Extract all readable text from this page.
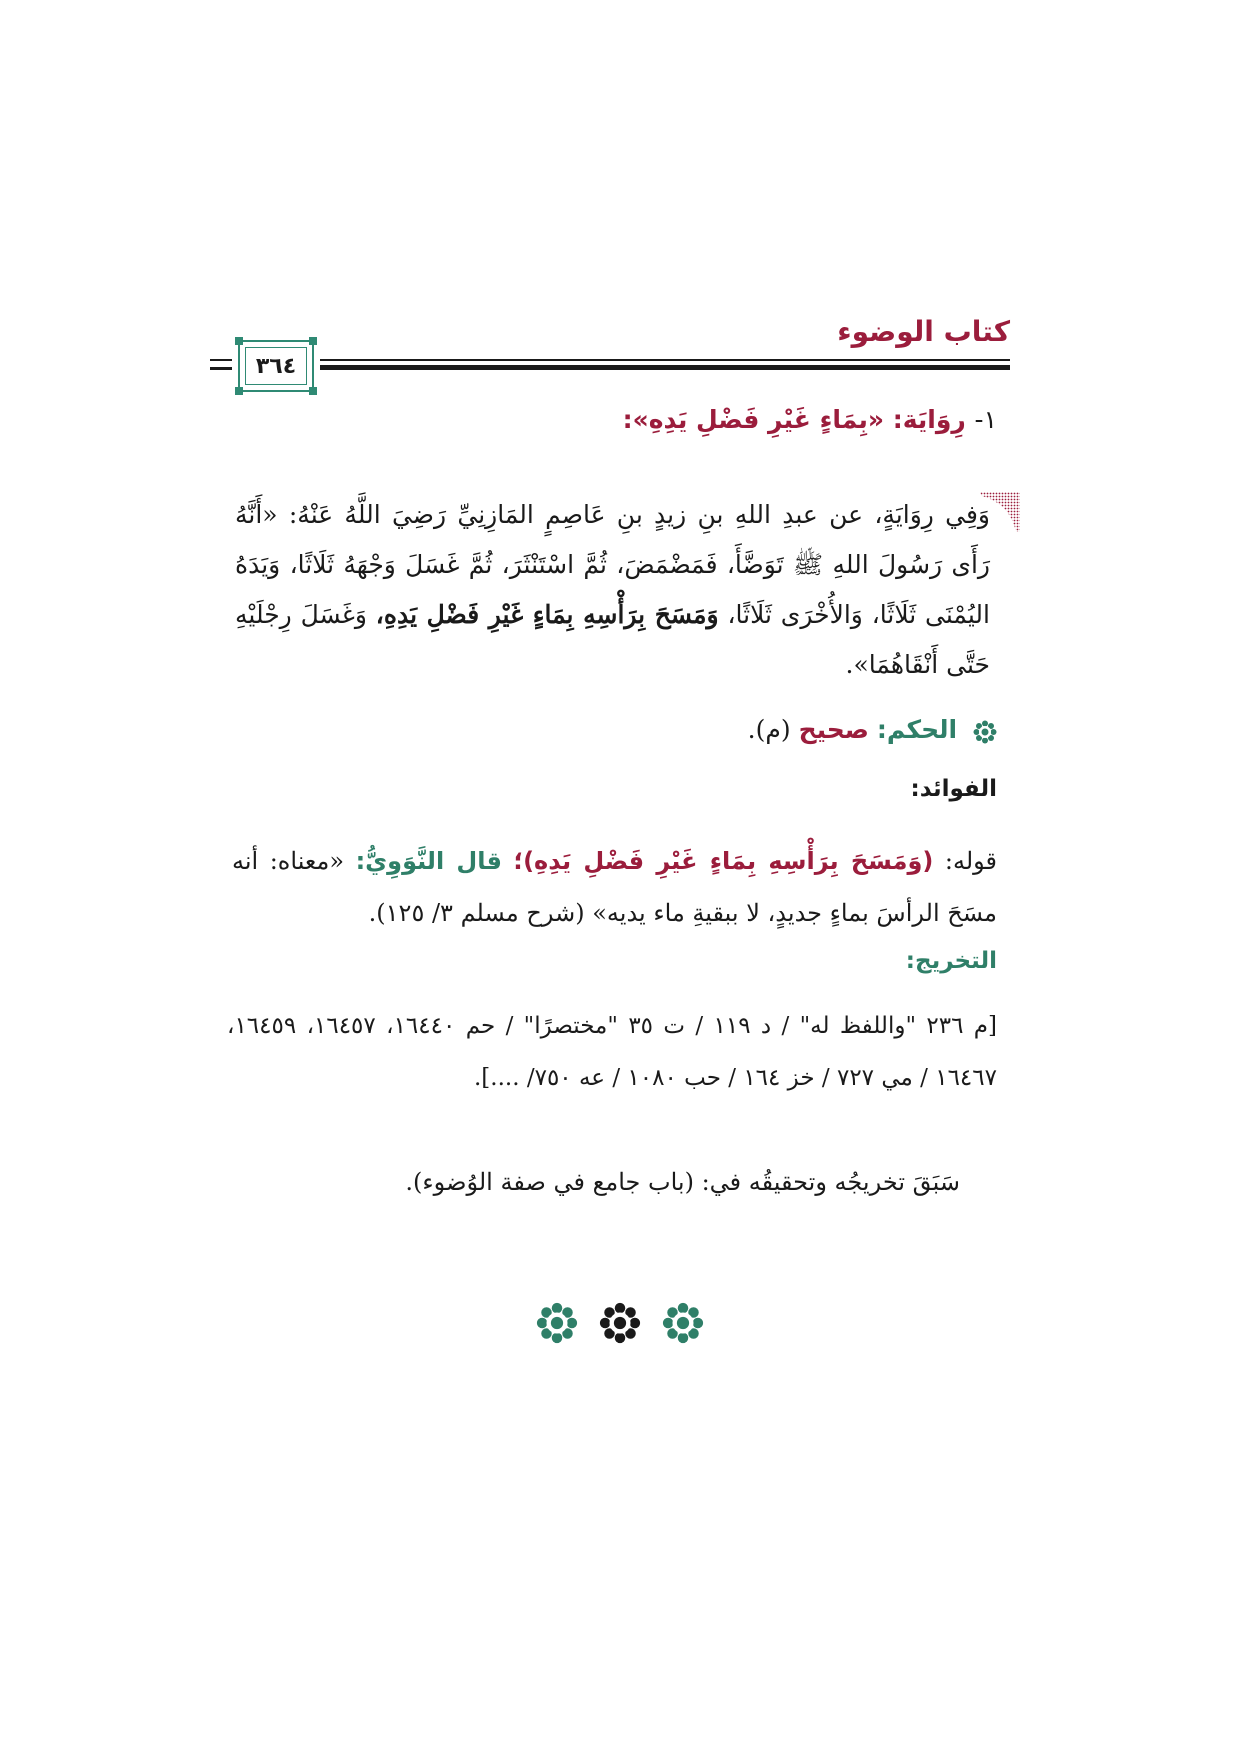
كتاب الوضوء
٣٦٤
١- رِوَايَة: «بِمَاءٍ غَيْرِ فَضْلِ يَدِهِ»:
وَفِي رِوَايَةٍ، عن عبدِ اللهِ بنِ زيدٍ بنِ عَاصِمٍ المَازِنِيِّ رَضِيَ اللَّهُ عَنْهُ: «أَنَّهُ رَأَى رَسُولَ اللهِ ﷺ تَوَضَّأَ، فَمَضْمَضَ، ثُمَّ اسْتَنْثَرَ، ثُمَّ غَسَلَ وَجْهَهُ ثَلَاثًا، وَيَدَهُ اليُمْنَى ثَلَاثًا، وَالأُخْرَى ثَلَاثًا، وَمَسَحَ بِرَأْسِهِ بِمَاءٍ غَيْرِ فَضْلِ يَدِهِ، وَغَسَلَ رِجْلَيْهِ حَتَّى أَنْقَاهُمَا».
الحكم: صحيح (م).
الفوائد:
قوله: (وَمَسَحَ بِرَأْسِهِ بِمَاءٍ غَيْرِ فَضْلِ يَدِهِ)؛ قال النَّوَوِيُّ: «معناه: أنه مسَحَ الرأسَ بماءٍ جديدٍ، لا ببقيةِ ماء يديه» (شرح مسلم ٣/ ١٢٥).
التخريج:
[م ٢٣٦ "واللفظ له" / د ١١٩ / ت ٣٥ "مختصرًا" / حم ١٦٤٤٠، ١٦٤٥٧، ١٦٤٥٩، ١٦٤٦٧ / مي ٧٢٧ / خز ١٦٤ / حب ١٠٨٠ / عه ٧٥٠/ ....].
سَبَقَ تخريجُه وتحقيقُه في: (باب جامع في صفة الوُضوء).
